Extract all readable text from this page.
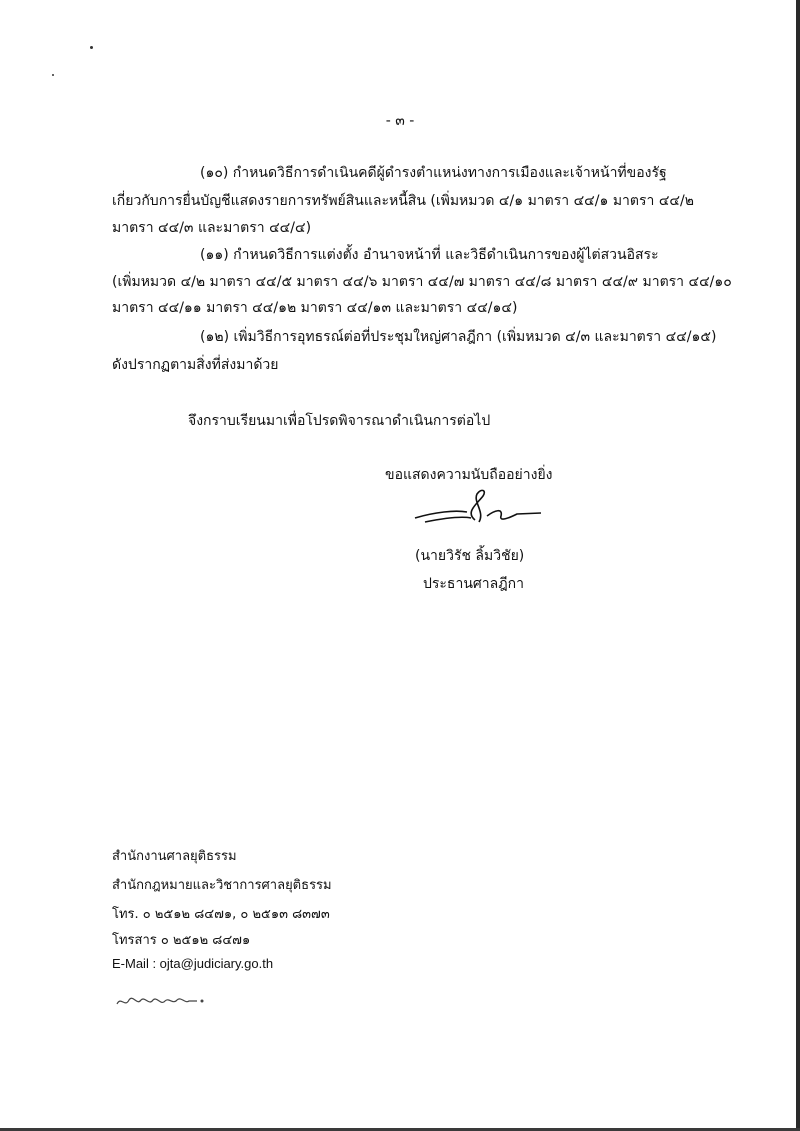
- ๓ -
(๑๐) กำหนดวิธีการดำเนินคดีผู้ดำรงตำแหน่งทางการเมืองและเจ้าหน้าที่ของรัฐ
เกี่ยวกับการยื่นบัญชีแสดงรายการทรัพย์สินและหนี้สิน (เพิ่มหมวด ๔/๑ มาตรา ๔๔/๑ มาตรา ๔๔/๒
มาตรา ๔๔/๓ และมาตรา ๔๔/๔)
(๑๑) กำหนดวิธีการแต่งตั้ง อำนาจหน้าที่ และวิธีดำเนินการของผู้ไต่สวนอิสระ
(เพิ่มหมวด ๔/๒ มาตรา ๔๔/๕ มาตรา ๔๔/๖ มาตรา ๔๔/๗ มาตรา ๔๔/๘ มาตรา ๔๔/๙ มาตรา ๔๔/๑๐
มาตรา ๔๔/๑๑ มาตรา ๔๔/๑๒ มาตรา ๔๔/๑๓ และมาตรา ๔๔/๑๔)
(๑๒) เพิ่มวิธีการอุทธรณ์ต่อที่ประชุมใหญ่ศาลฎีกา (เพิ่มหมวด ๔/๓ และมาตรา ๔๔/๑๕)
ดังปรากฏตามสิ่งที่ส่งมาด้วย
จึงกราบเรียนมาเพื่อโปรดพิจารณาดำเนินการต่อไป
ขอแสดงความนับถืออย่างยิ่ง
(นายวิรัช ลิ้มวิชัย)
ประธานศาลฎีกา
สำนักงานศาลยุติธรรม
สำนักกฎหมายและวิชาการศาลยุติธรรม
โทร. ๐ ๒๕๑๒ ๘๔๗๑, ๐ ๒๕๑๓ ๘๓๗๓
โทรสาร ๐ ๒๕๑๒ ๘๔๗๑
E-Mail : ojta@judiciary.go.th
